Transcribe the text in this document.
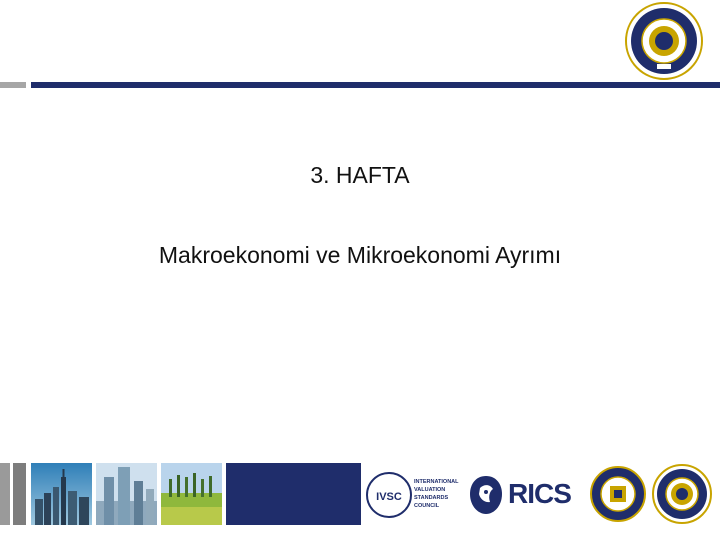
3. HAFTA
Makroekonomi ve Mikroekonomi Ayrımı
IVSC
INTERNATIONAL
VALUATION
STANDARDS
COUNCIL	RICS
